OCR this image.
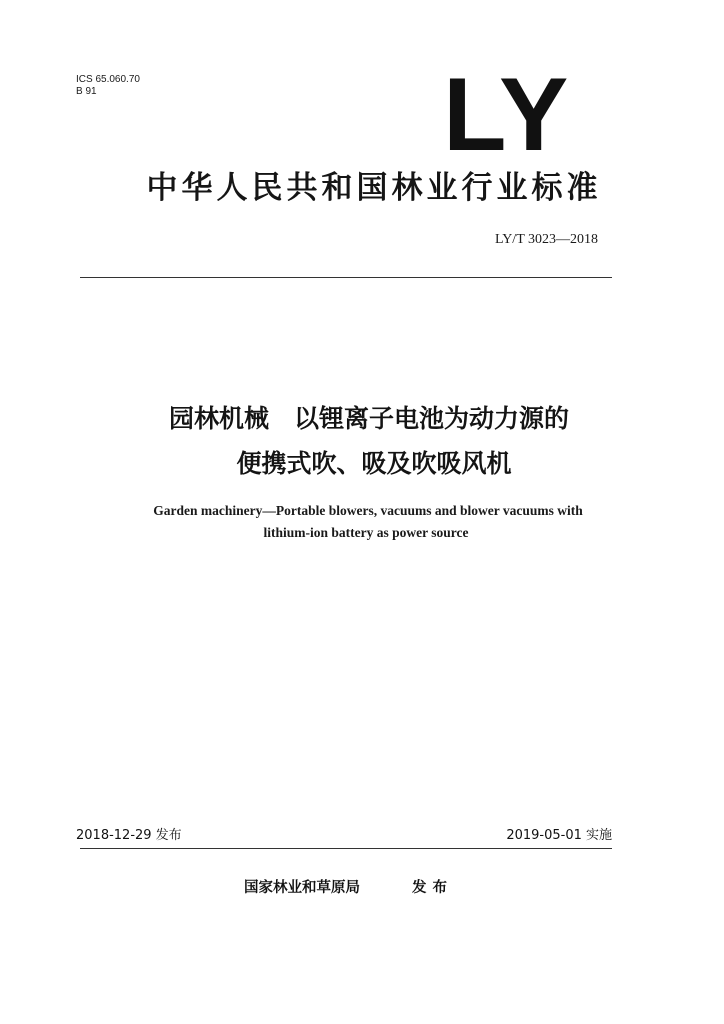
ICS 65.060.70
B 91	LY
中华人民共和国林业行业标准
LY/T 3023—2018
园林机械　以锂离子电池为动力源的
便携式吹、吸及吹吸风机
Garden machinery—Portable blowers, vacuums and blower vacuums with
lithium-ion battery as power source
2018-12-29 发布	2019-05-01 实施
国家林业和草原局	发布
